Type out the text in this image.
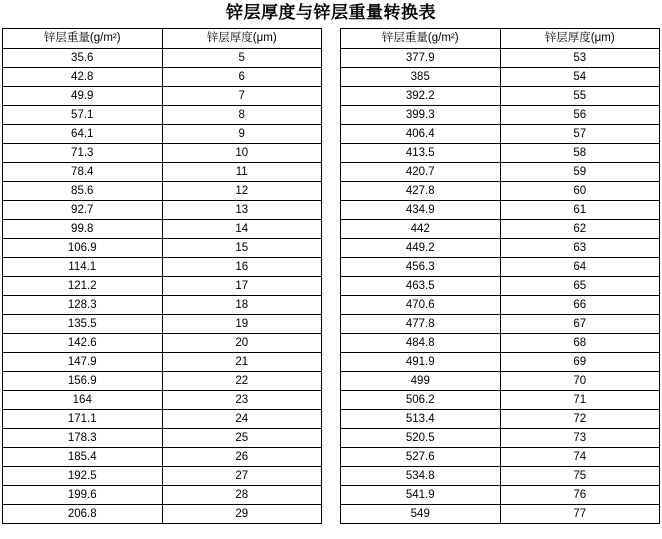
锌层厚度与锌层重量转换表
锌层重量(g/m²)	锌层厚度(μm)
35.6	5
42.8	6
49.9	7
57.1	8
64.1	9
71.3	10
78.4	11
85.6	12
92.7	13
99.8	14
106.9	15
114.1	16
121.2	17
128.3	18
135.5	19
142.6	20
147.9	21
156.9	22
164	23
171.1	24
178.3	25
185.4	26
192.5	27
199.6	28
206.8	29
锌层重量(g/m²)	锌层厚度(μm)
377.9	53
385	54
392.2	55
399.3	56
406.4	57
413.5	58
420.7	59
427.8	60
434.9	61
442	62
449.2	63
456.3	64
463.5	65
470.6	66
477.8	67
484.8	68
491.9	69
499	70
506.2	71
513.4	72
520.5	73
527.6	74
534.8	75
541.9	76
549	77
